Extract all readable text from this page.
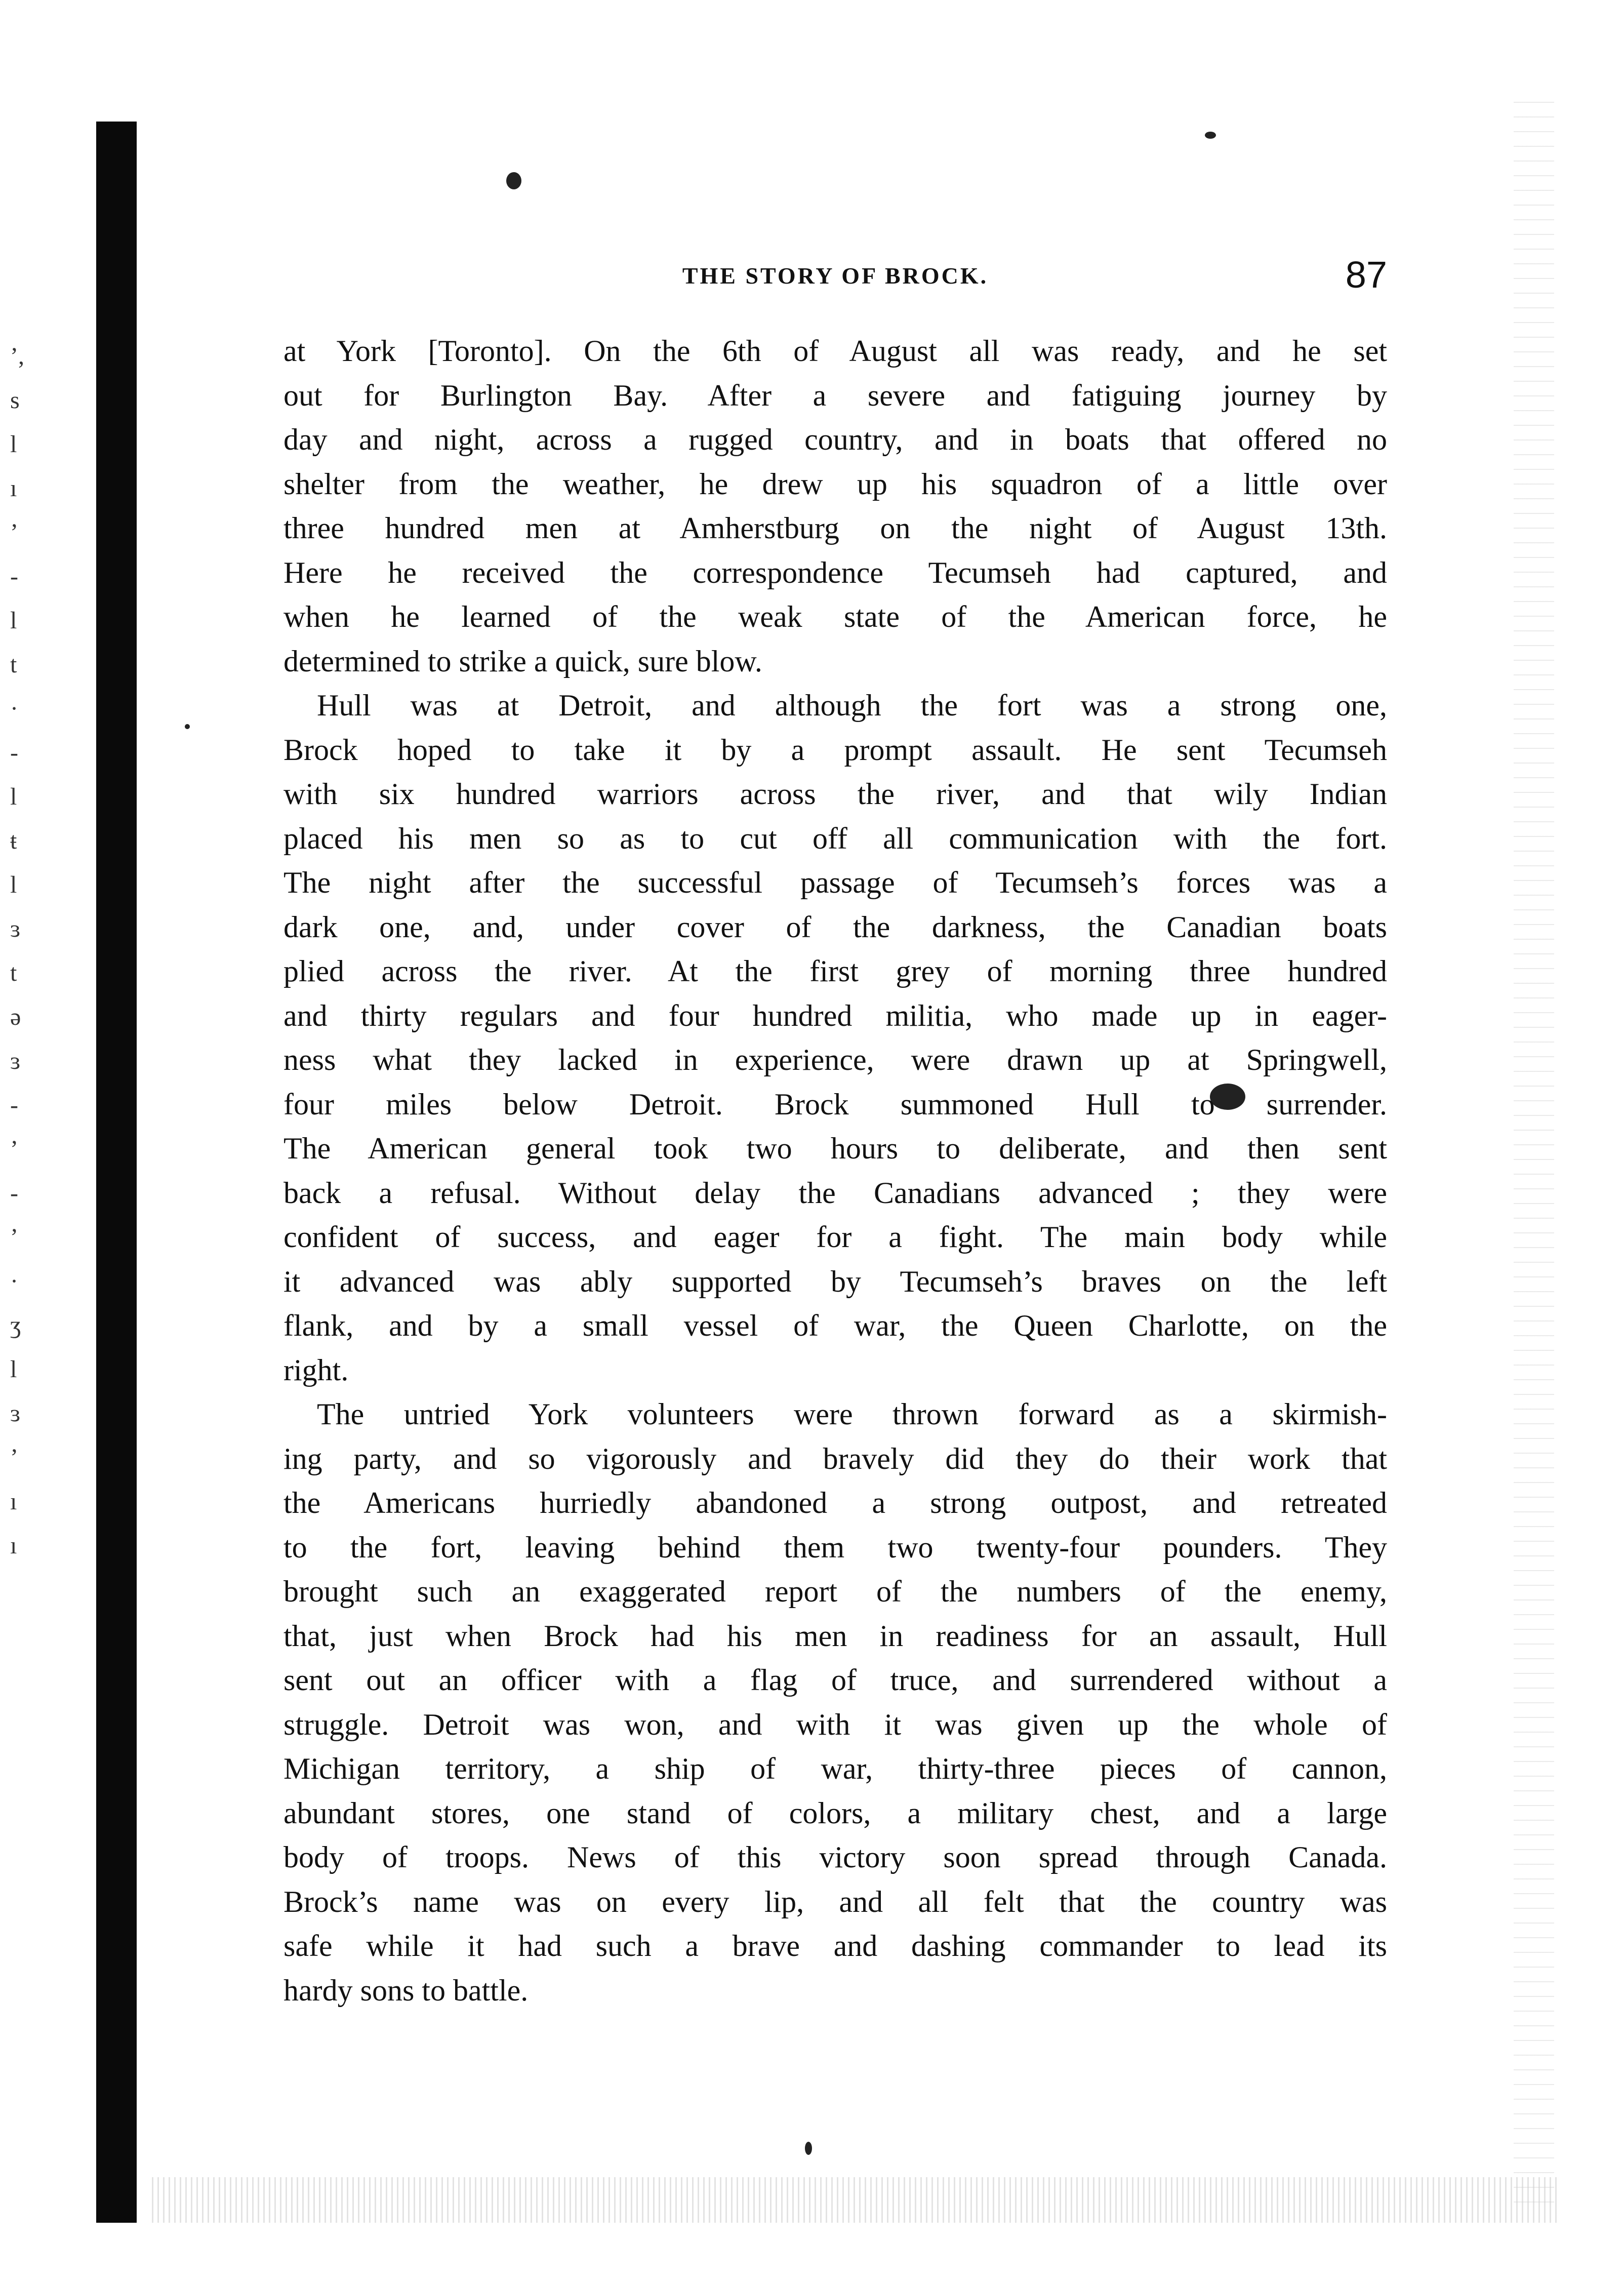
’,
s
l
ı
’
-
l
t
·
-
l
ŧ
l
ɜ
t
ə
ɜ
-
’
-
’
·
ʒ
l
ɜ
’
ı
ı
THE STORY OF BROCK.	87
at York [Toronto]. On the 6th of August all was ready, and he set
out for Burlington Bay. After a severe and fatiguing journey by
day and night, across a rugged country, and in boats that offered no
shelter from the weather, he drew up his squadron of a little over
three hundred men at Amherstburg on the night of August 13th.
Here he received the correspondence Tecumseh had captured, and
when he learned of the weak state of the American force, he
determined to strike a quick, sure blow.
Hull was at Detroit, and although the fort was a strong one,
Brock hoped to take it by a prompt assault. He sent Tecumseh
with six hundred warriors across the river, and that wily Indian
placed his men so as to cut off all communication with the fort.
The night after the successful passage of Tecumseh’s forces was a
dark one, and, under cover of the darkness, the Canadian boats
plied across the river. At the first grey of morning three hundred
and thirty regulars and four hundred militia, who made up in eager-
ness what they lacked in experience, were drawn up at Springwell,
four miles below Detroit. Brock summoned Hull to surrender.
The American general took two hours to deliberate, and then sent
back a refusal. Without delay the Canadians advanced ; they were
confident of success, and eager for a fight. The main body while
it advanced was ably supported by Tecumseh’s braves on the left
flank, and by a small vessel of war, the Queen Charlotte, on the
right.
The untried York volunteers were thrown forward as a skirmish-
ing party, and so vigorously and bravely did they do their work that
the Americans hurriedly abandoned a strong outpost, and retreated
to the fort, leaving behind them two twenty-four pounders. They
brought such an exaggerated report of the numbers of the enemy,
that, just when Brock had his men in readiness for an assault, Hull
sent out an officer with a flag of truce, and surrendered without a
struggle. Detroit was won, and with it was given up the whole of
Michigan territory, a ship of war, thirty-three pieces of cannon,
abundant stores, one stand of colors, a military chest, and a large
body of troops. News of this victory soon spread through Canada.
Brock’s name was on every lip, and all felt that the country was
safe while it had such a brave and dashing commander to lead its
hardy sons to battle.
